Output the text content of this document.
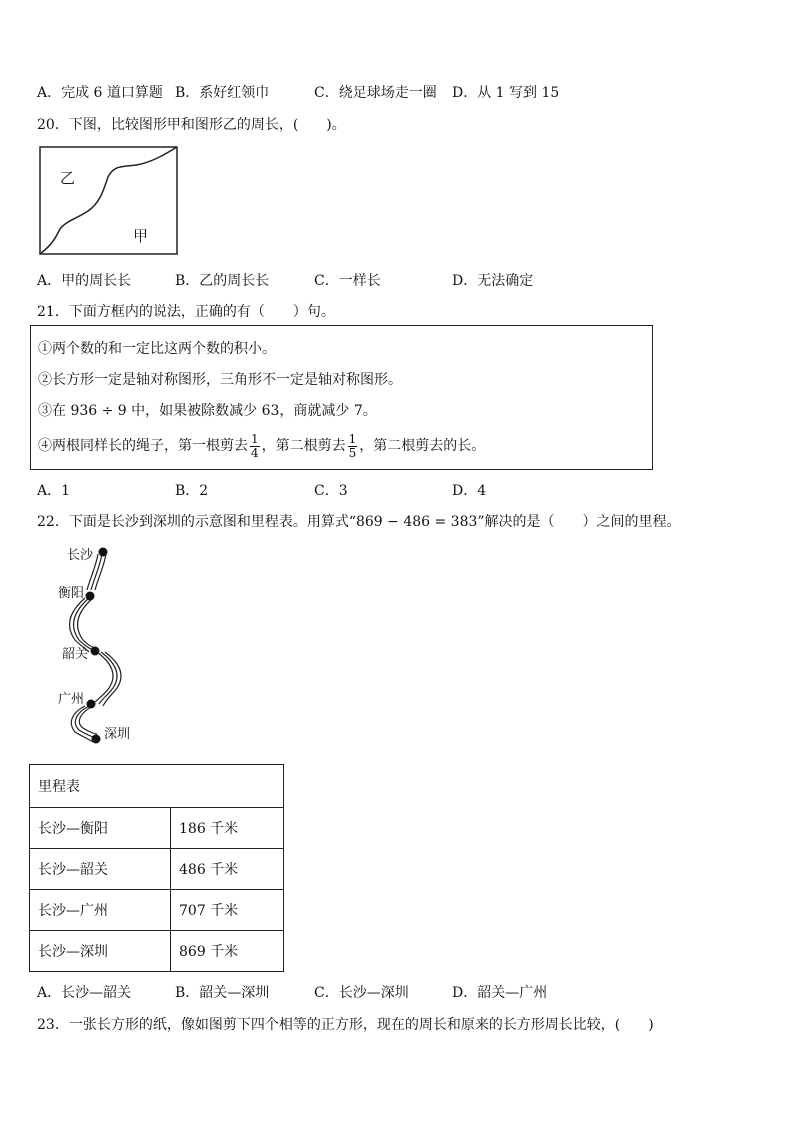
A．完成 6 道口算题 B．系好红领巾	C．绕足球场走一圈 D．从 1 写到 15
20．下图，比较图形甲和图形乙的周长，(　　)。
乙
甲
A．甲的周长长	B．乙的周长长	C．一样长	D．无法确定
21．下面方框内的说法，正确的有（　　）句。
①两个数的和一定比这两个数的积小。
②长方形一定是轴对称图形，三角形不一定是轴对称图形。
③在 936 ÷ 9 中，如果被除数减少 63，商就减少 7。
④两根同样长的绳子，第一根剪去 $\frac{1}{4}$ ，第二根剪去 $\frac{1}{5}$ ，第二根剪去的长。
A．1	B．2	C．3	D．4
22．下面是长沙到深圳的示意图和里程表。用算式“869 − 486 = 383”解决的是（　　）之间的里程。
长沙
衡阳
韶关
广州
深圳
里程表	
长沙—衡阳	186 千米
长沙—韶关	486 千米
长沙—广州	707 千米
长沙—深圳	869 千米
A．长沙—韶关	B．韶关—深圳	C．长沙—深圳	D．韶关—广州
23．一张长方形的纸，像如图剪下四个相等的正方形，现在的周长和原来的长方形周长比较，(　　)
